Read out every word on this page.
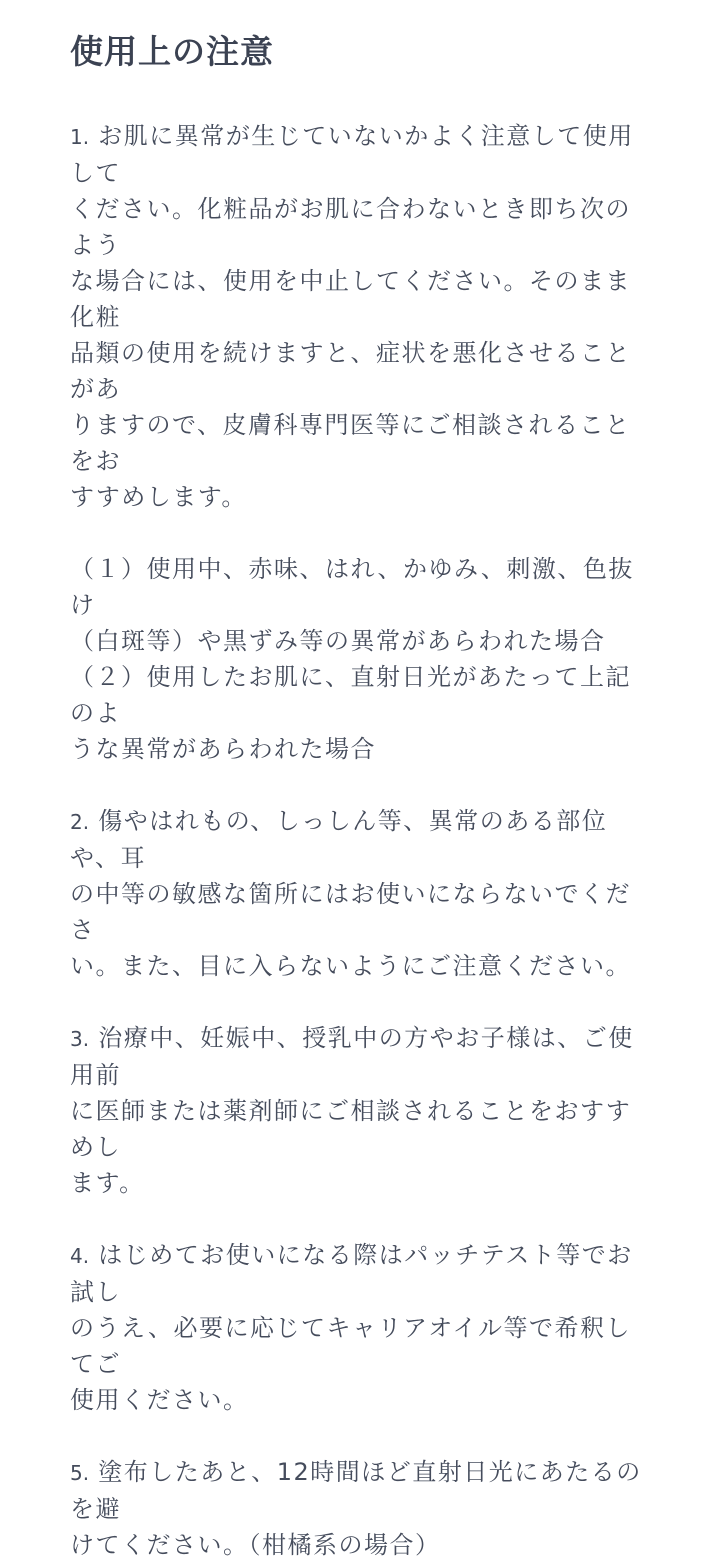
使用上の注意

1. お肌に異常が生じていないかよく注意して使用して
ください。化粧品がお肌に合わないとき即ち次のよう
な場合には、使用を中止してください。そのまま化粧
品類の使用を続けますと、症状を悪化させることがあ
りますので、皮膚科専門医等にご相談されることをお
すすめします。

（１）使用中、赤味、はれ、かゆみ、刺激、色抜け
（白斑等）や黒ずみ等の異常があらわれた場合
（２）使用したお肌に、直射日光があたって上記のよ
うな異常があらわれた場合

2. 傷やはれもの、しっしん等、異常のある部位や、耳
の中等の敏感な箇所にはお使いにならないでくださ
い。また、目に入らないようにご注意ください。

3. 治療中、妊娠中、授乳中の方やお子様は、ご使用前
に医師または薬剤師にご相談されることをおすすめし
ます。

4. はじめてお使いになる際はパッチテスト等でお試し
のうえ、必要に応じてキャリアオイル等で希釈してご
使用ください。

5. 塗布したあと、12時間ほど直射日光にあたるのを避
けてください。（柑橘系の場合）
